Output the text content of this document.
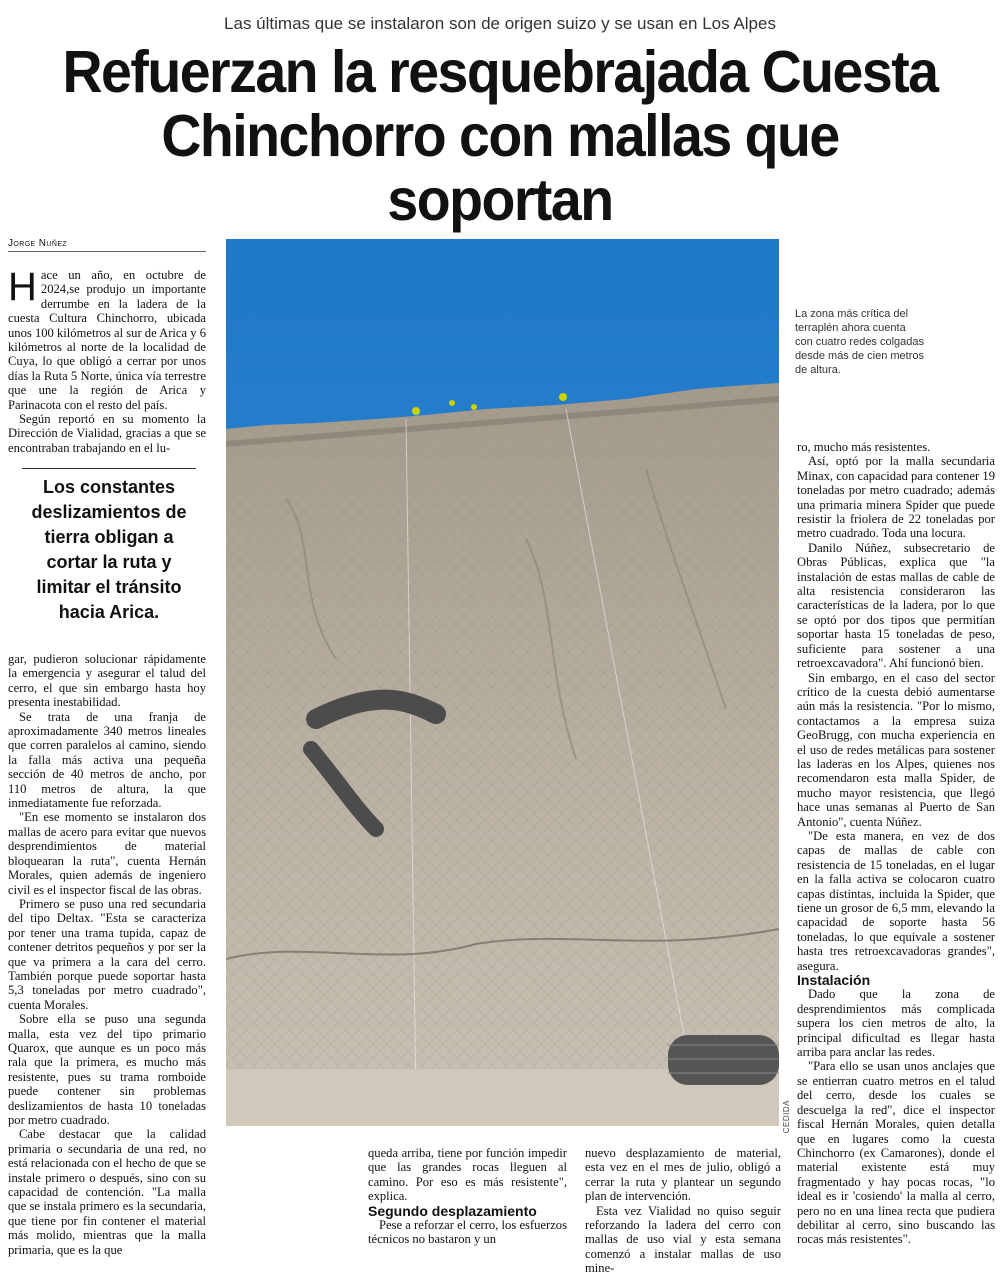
Las últimas que se instalaron son de origen suizo y se usan en Los Alpes
Refuerzan la resquebrajada Cuesta
Chinchorro con mallas que soportan
Jorge Nuñez

Hace un año, en octubre de 2024,se produjo un importante derrumbe en la ladera de la cuesta Cultura Chinchorro, ubicada unos 100 kilómetros al sur de Arica y 6 kilómetros al norte de la localidad de Cuya, lo que obligó a cerrar por unos días la Ruta 5 Norte, única vía terrestre que une la región de Arica y Parinacota con el resto del país.

Según reportó en su momento la Dirección de Vialidad, gracias a que se encontraban trabajando en el lu-

Los constantes deslizamientos de tierra obligan a cortar la ruta y limitar el tránsito hacia Arica.

gar, pudieron solucionar rápidamente la emergencia y asegurar el talud del cerro, el que sin embargo hasta hoy presenta inestabilidad.

Se trata de una franja de aproximadamente 340 metros lineales que corren paralelos al camino, siendo la falla más activa una pequeña sección de 40 metros de ancho, por 110 metros de altura, la que inmediatamente fue reforzada.

"En ese momento se instalaron dos mallas de acero para evitar que nuevos desprendimientos de material bloquearan la ruta", cuenta Hernán Morales, quien además de ingeniero civil es el inspector fiscal de las obras.

Primero se puso una red secundaria del tipo Deltax. "Esta se caracteriza por tener una trama tupida, capaz de contener detritos pequeños y por ser la que va primera a la cara del cerro. También porque puede soportar hasta 5,3 toneladas por metro cuadrado", cuenta Morales.

Sobre ella se puso una segunda malla, esta vez del tipo primario Quarox, que aunque es un poco más rala que la primera, es mucho más resistente, pues su trama romboide puede contener sin problemas deslizamientos de hasta 10 toneladas por metro cuadrado.

Cabe destacar que la calidad primaria o secundaria de una red, no está relacionada con el hecho de que se instale primero o después, sino con su capacidad de contención. "La malla que se instala primero es la secundaria, que tiene por fin contener el material más molido, mientras que la malla primaria, que es la que

CEDIDA
La zona más crítica del terraplén ahora cuenta con cuatro redes colgadas desde más de cien metros de altura.

queda arriba, tiene por función impedir que las grandes rocas lleguen al camino. Por eso es más resistente", explica.

Segundo desplazamiento

Pese a reforzar el cerro, los esfuerzos técnicos no bastaron y un

nuevo desplazamiento de material, esta vez en el mes de julio, obligó a cerrar la ruta y plantear un segundo plan de intervención.

Esta vez Vialidad no quiso seguir reforzando la ladera del cerro con mallas de uso vial y esta semana comenzó a instalar mallas de uso mine-

ro, mucho más resistentes.

Así, optó por la malla secundaria Minax, con capacidad para contener 19 toneladas por metro cuadrado; además una primaria minera Spider que puede resistir la friolera de 22 toneladas por metro cuadrado. Toda una locura.

Danilo Núñez, subsecretario de Obras Públicas, explica que "la instalación de estas mallas de cable de alta resistencia consideraron las características de la ladera, por lo que se optó por dos tipos que permitían soportar hasta 15 toneladas de peso, suficiente para sostener a una retroexcavadora". Ahí funcionó bien.

Sin embargo, en el caso del sector crítico de la cuesta debió aumentarse aún más la resistencia. "Por lo mismo, contactamos a la empresa suiza GeoBrugg, con mucha experiencia en el uso de redes metálicas para sostener las laderas en los Alpes, quienes nos recomendaron esta malla Spider, de mucho mayor resistencia, que llegó hace unas semanas al Puerto de San Antonio", cuenta Núñez.

"De esta manera, en vez de dos capas de mallas de cable con resistencia de 15 toneladas, en el lugar en la falla activa se colocaron cuatro capas distintas, incluida la Spider, que tiene un grosor de 6,5 mm, elevando la capacidad de soporte hasta 56 toneladas, lo que equivale a sostener hasta tres retroexcavadoras grandes", asegura.

Instalación

Dado que la zona de desprendimientos más complicada supera los cien metros de alto, la principal dificultad es llegar hasta arriba para anclar las redes.

"Para ello se usan unos anclajes que se entierran cuatro metros en el talud del cerro, desde los cuales se descuelga la red", dice el inspector fiscal Hernán Morales, quien detalla que en lugares como la cuesta Chinchorro (ex Camarones), donde el material existente está muy fragmentado y hay pocas rocas, "lo ideal es ir 'cosiendo' la malla al cerro, pero no en una línea recta que pudiera debilitar al cerro, sino buscando las rocas más resistentes".
